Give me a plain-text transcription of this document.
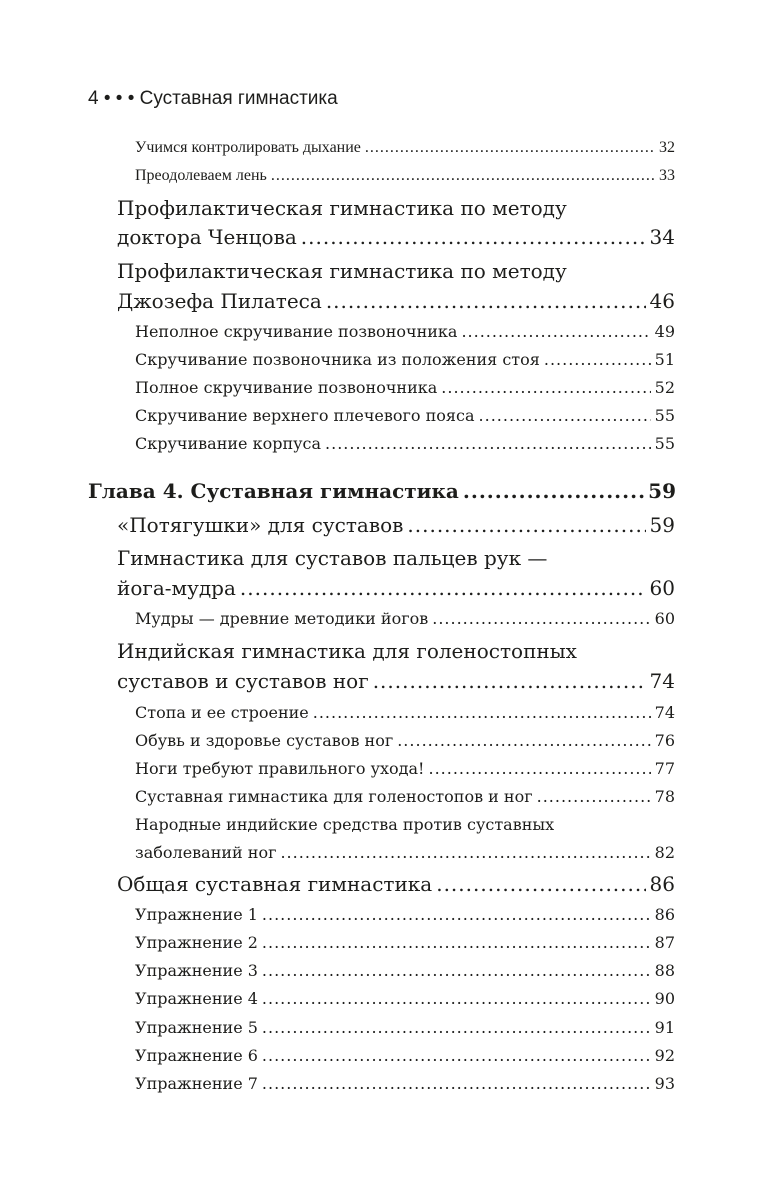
4 • • • Суставная гимнастика
Учимся контролировать дыхание .....	32
Преодолеваем лень .....	33
Профилактическая гимнастика по методу
доктора Ченцова .....	34
Профилактическая гимнастика по методу
Джозефа Пилатеса .....	46
Неполное скручивание позвоночника .....	49
Скручивание позвоночника из положения стоя .....	51
Полное скручивание позвоночника .....	52
Скручивание верхнего плечевого пояса .....	55
Скручивание корпуса .....	55
Глава 4. Суставная гимнастика .....	59
«Потягушки» для суставов .....	59
Гимнастика для суставов пальцев рук —
йога-мудра .....	60
Мудры — древние методики йогов .....	60
Индийская гимнастика для голеностопных
суставов и суставов ног .....	74
Стопа и ее строение .....	74
Обувь и здоровье суставов ног .....	76
Ноги требуют правильного ухода! .....	77
Суставная гимнастика для голеностопов и ног .....	78
Народные индийские средства против суставных
заболеваний ног .....	82
Общая суставная гимнастика .....	86
Упражнение 1 .....	86
Упражнение 2 .....	87
Упражнение 3 .....	88
Упражнение 4 .....	90
Упражнение 5 .....	91
Упражнение 6 .....	92
Упражнение 7 .....	93
